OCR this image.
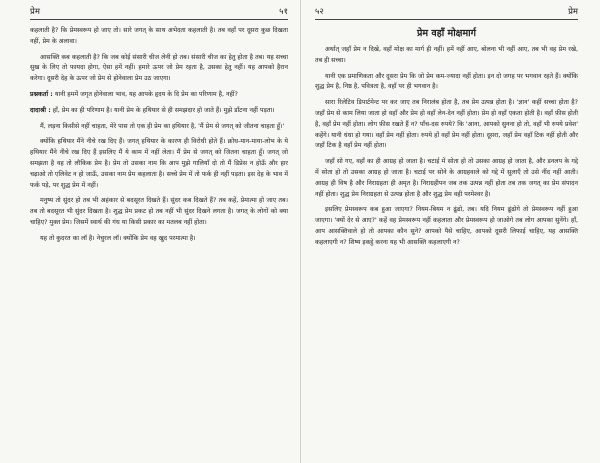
प्रेम	५१

कहलाती है? कि प्रेमस्वरूप हो जाए तो। सारे जगत् के साथ अभेदता कहलाती है। तब वहाँ पर दूसरा कुछ दिखता नहीं, प्रेम के अलावा।

आसक्ति कब कहलाती है? कि जब कोई संसारी चीज लेनी हो तब। संसारी चीज का हेतु होता है तब। यह सच्चा सुख के लिए तो फायदा होगा, ऐसा हमें नहीं। हमारे ऊपर जो प्रेम रहता है, उसका हेतु नहीं। यह आपको हैरान करेगा। दूसरी देह के ऊपर जो प्रेम से होनेवाला प्रेम उठ जाएगा।

प्रश्नकर्ता : यानी हममें जगृत होनेवाला भाव, यह आपके हृदय के दि प्रेम का परिणाम है, नहीं?

दादाश्री : हाँ, प्रेम का ही परिणाम है। यानी प्रेम के हथियार से ही समझदार हो जाते हैं। मुझे डाँटना नहीं पड़ता।

मैं, लड़ना किसीसे नहीं चाहता, मेरे पास तो एक ही प्रेम का हथियार है, 'मैं प्रेम से जगत् को जीतना चाहता हूँ।'

क्योंकि हथियार मैंने नीचे रख दिए हैं। जगत् हथियार के कारण ही विरोधी होते हैं। क्रोध-मान-माया-लोभ के ये हथियार मैंने नीचे रख दिए हैं इसलिए मैं ये काम में नहीं लेता। मैं प्रेम से जगत् को जितना चाहता हूँ। जगत् जो समझता है वह तो लौकिक प्रेम है। प्रेम तो उसका नाम कि आप मुझे गालियाँ दो तो मैं डिप्रेस न होऊँ और हार चढ़ाओ तो एलिवेट न हो जाऊँ, उसका नाम प्रेम कहलाता है। सच्चे प्रेम में तो फर्क ही नहीं पड़ता। इस देह के भाव में फर्क पड़े, पर शुद्ध प्रेम में नहीं।

मनुष्य तो सुंदर हो तब भी अहंकार से बदसूरत दिखते हैं। सुंदर कब दिखते हैं? तब कहें, प्रेमात्मा हो जाए तब। तब तो बदसूरत भी सुंदर दिखता है। शुद्ध प्रेम प्रकट हो तब नहीं भी सुंदर दिखने लगता है। जगत् के लोगों को क्या चाहिए? मुक्त प्रेम। जिसमें स्वार्थ की गंध या किसी प्रकार का मतलब नहीं होता।

यह तो कुदरत का लॉ है। नेचुरल लॉ। क्योंकि प्रेम वह खुद परमात्मा है।

५२	प्रेम
प्रेम वहाँ मोक्षमार्ग

अर्थात् जहाँ प्रेम न दिखे, वहाँ मोक्ष का मार्ग ही नहीं। हमें नहीं आए, बोलना भी नहीं आए, तब भी वह प्रेम रखे, तब ही सच्चा।

यानी एक प्रमाणिकता और दूसरा प्रेम कि जो प्रेम कम-ज्यादा नहीं होता। इन दो जगह पर भगवान रहते हैं। क्योंकि शुद्ध प्रेम है, निष्ठ है, पवित्रता है, वहाँ पर ही भगवान है।

सारा रिलेटिव डिपार्टमेन्ट पर कर जाए तब निरालंब होता है, तब प्रेम उत्पन्न होता है। 'ज्ञान' कहीं सच्चा होता है? जहाँ प्रेम से काम लिया जाता हो वहाँ और प्रेम हो वहाँ लेन-देन नहीं होता। प्रेम हो वहाँ एकता होती है। वहाँ फ़ीस होती है, वहाँ प्रेम नहीं होता। लोग फ़ीस रखते हैं न? पाँच-दस रुपये? कि 'आना, आपको सुनना हो तो, वहाँ भी रुपये प्रवेश' कहेंगे। यानी धंधा हो गया। वहाँ प्रेम नहीं होता। रुपये हों वहाँ प्रेम नहीं होता। दूसरा, जहाँ प्रेम वहाँ टिक नहीं होती और जहाँ टिक है वहाँ प्रेम नहीं होता।

जहाँ सो गए, वहाँ का ही आग्रह हो जाता है। चटाई में सोता हो तो उसका आग्रह हो जाता है, और डनलप के गद्दे में सोता हो तो उसका आग्रह हो जाता है। चटाई पर सोने के आग्रहवाले को गद्दे में सुलाएँ तो उसे नींद नहीं आती। आग्रह ही विष है और निराग्रहता ही अमृत है। निराग्रहीपन जब तक उत्पन्न नहीं होता तब तक जगत् का प्रेम संपादन नहीं होता। शुद्ध प्रेम निराग्रहता से उत्पन्न होता है और शुद्ध प्रेम वही परमेश्वर है।

इसलिए प्रेमस्वरूप कब हुआ जाएगा? नियम-बियम न ढूंढो, तब। यदि नियम ढूंढोगे तो प्रेमस्वरूप नहीं हुआ जाएगा। 'क्यों देर से आए?' कहें वह प्रेमस्वरूप नहीं कहलाता और प्रेमस्वरूप हो जाओगे तब लोग आपका सुनेंगे। हाँ, आप आसक्तिवाले हो तो आपका कौन सुने? आपको पैसे चाहिए, आपको दूसरी लिफाई चाहिए, यह आसक्ति कहलाएगी न? शिष्य इकट्ठे करना यह भी आसक्ति कहलाएगी न?
